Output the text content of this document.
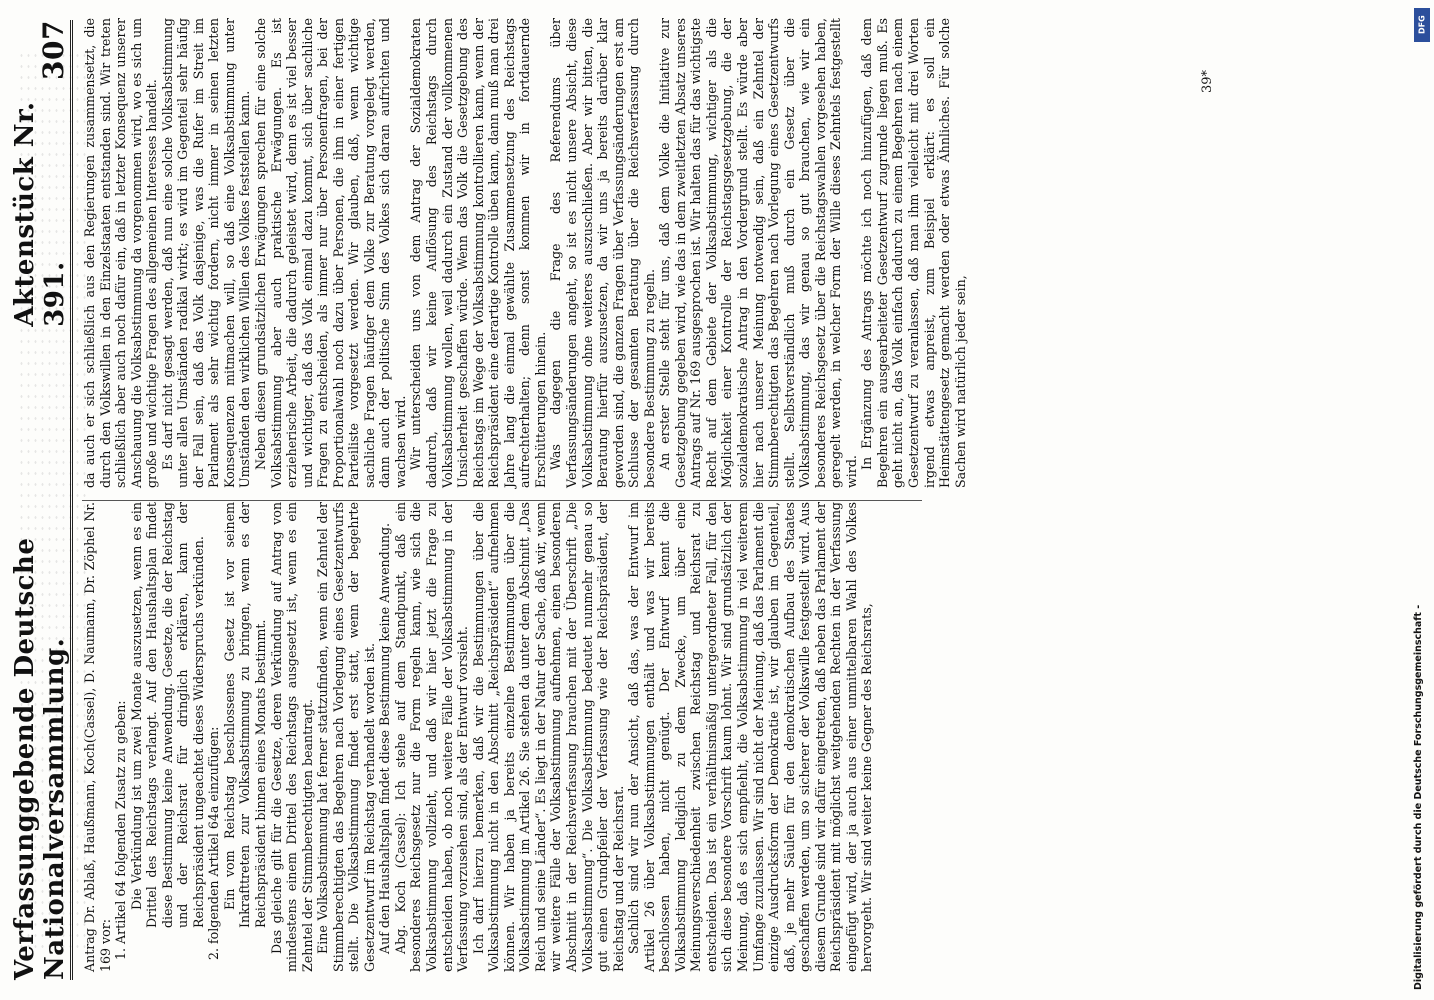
Verfassunggebende Deutsche Nationalversammlung.
Aktenstück Nr. 391.
307

Antrag Dr. Ablaß, Haußmann, Koch(Cassel), D. Naumann, Dr. Zöphel Nr. 169 vor: 1. Artikel 64 folgenden Zusatz zu geben: Die Verkündung ist um zwei Monate auszusetzen, wenn es ein Drittel des Reichstags verlangt. Auf den Haushaltsplan findet diese Bestimmung keine Anwendung. Gesetze, die der Reichstag und der Reichsrat für dringlich erklären, kann der Reichspräsident ungeachtet dieses Widerspruchs verkünden. 2. folgenden Artikel 64a einzufügen: Ein vom Reichstag beschlossenes Gesetz ist vor seinem Inkrafttreten zur Volksabstimmung zu bringen, wenn es der Reichspräsident binnen eines Monats bestimmt. Das gleiche gilt für die Gesetze, deren Verkündung auf Antrag von mindestens einem Drittel des Reichstags ausgesetzt ist, wenn es ein Zehntel der Stimmberechtigten beantragt. Eine Volksabstimmung hat ferner stattzufinden, wenn ein Zehntel der Stimmberechtigten das Begehren nach Vorlegung eines Gesetzentwurfs stellt. Die Volksabstimmung findet erst statt, wenn der begehrte Gesetzentwurf im Reichstag verhandelt worden ist. Auf den Haushaltsplan findet diese Bestimmung keine Anwendung. Abg. Koch (Cassel): Ich stehe auf dem Standpunkt, daß ein besonderes Reichsgesetz nur die Form regeln kann, wie sich die Volksabstimmung vollzieht, und daß wir hier jetzt die Frage zu entscheiden haben, ob noch weitere Fälle der Volksabstimmung in der Verfassung vorzusehen sind, als der Entwurf vorsieht. Ich darf hierzu bemerken, daß wir die Bestimmungen über die Volksabstimmung nicht in den Abschnitt „Reichspräsident“ aufnehmen können. Wir haben ja bereits einzelne Bestimmungen über die Volksabstimmung im Artikel 26. Sie stehen da unter dem Abschnitt „Das Reich und seine Länder“. Es liegt in der Natur der Sache, daß wir, wenn wir weitere Fälle der Volksabstimmung aufnehmen, einen besonderen Abschnitt in der Reichsverfassung brauchen mit der Überschrift „Die Volksabstimmung“. Die Volksabstimmung bedeutet nunmehr genau so gut einen Grundpfeiler der Verfassung wie der Reichspräsident, der Reichstag und der Reichsrat. Sachlich sind wir nun der Ansicht, daß das, was der Entwurf im Artikel 26 über Volksabstimmungen enthält und was wir bereits beschlossen haben, nicht genügt. Der Entwurf kennt die Volksabstimmung lediglich zu dem Zwecke, um über eine Meinungsverschiedenheit zwischen Reichstag und Reichsrat zu entscheiden. Das ist ein verhältnismäßig untergeordneter Fall, für den sich diese besondere Vorschrift kaum lohnt. Wir sind grundsätzlich der Meinung, daß es sich empfiehlt, die Volksabstimmung in viel weiterem Umfange zuzulassen. Wir sind nicht der Meinung, daß das Parlament die einzige Ausdrucksform der Demokratie ist, wir glauben im Gegenteil, daß, je mehr Säulen für den demokratischen Aufbau des Staates geschaffen werden, um so sicherer der Volkswille festgestellt wird. Aus diesem Grunde sind wir dafür eingetreten, daß neben das Parlament der Reichspräsident mit möglichst weitgehenden Rechten in der Verfassung eingefügt wird, der ja auch aus einer unmittelbaren Wahl des Volkes hervorgeht. Wir sind weiter keine Gegner des Reichsrats,

da auch er sich schließlich aus den Regierungen zusammensetzt, die durch den Volkswillen in den Einzelstaaten entstanden sind. Wir treten schließlich aber auch noch dafür ein, daß in letzter Konsequenz unserer Anschauung die Volksabstimmung da vorgenommen wird, wo es sich um große und wichtige Fragen des allgemeinen Interesses handelt. Es darf nicht gesagt werden, daß nun eine solche Volksabstimmung unter allen Umständen radikal wirkt; es wird im Gegenteil sehr häufig der Fall sein, daß das Volk dasjenige, was die Rufer im Streit im Parlament als sehr wichtig fordern, nicht immer in seinen letzten Konsequenzen mitmachen will, so daß eine Volksabstimmung unter Umständen den wirklichen Willen des Volkes feststellen kann. Neben diesen grundsätzlichen Erwägungen sprechen für eine solche Volksabstimmung aber auch praktische Erwägungen. Es ist erzieherische Arbeit, die dadurch geleistet wird, denn es ist viel besser und wichtiger, daß das Volk einmal dazu kommt, sich über sachliche Fragen zu entscheiden, als immer nur über Personenfragen, bei der Proportionalwahl noch dazu über Personen, die ihm in einer fertigen Parteiliste vorgesetzt werden. Wir glauben, daß, wenn wichtige sachliche Fragen häufiger dem Volke zur Beratung vorgelegt werden, dann auch der politische Sinn des Volkes sich daran aufrichten und wachsen wird. Wir unterscheiden uns von dem Antrag der Sozialdemokraten dadurch, daß wir keine Auflösung des Reichstags durch Volksabstimmung wollen, weil dadurch ein Zustand der vollkommenen Unsicherheit geschaffen würde. Wenn das Volk die Gesetzgebung des Reichstags im Wege der Volksabstimmung kontrollieren kann, wenn der Reichspräsident eine derartige Kontrolle üben kann, dann muß man drei Jahre lang die einmal gewählte Zusammensetzung des Reichstags aufrechterhalten; denn sonst kommen wir in fortdauernde Erschütterungen hinein. Was dagegen die Frage des Referendums über Verfassungsänderungen angeht, so ist es nicht unsere Absicht, diese Volksabstimmung ohne weiteres auszuschließen. Aber wir bitten, die Beratung hierfür auszusetzen, da wir uns ja bereits darüber klar geworden sind, die ganzen Fragen über Verfassungsänderungen erst am Schlusse der gesamten Beratung über die Reichsverfassung durch besondere Bestimmung zu regeln. An erster Stelle steht für uns, daß dem Volke die Initiative zur Gesetzgebung gegeben wird, wie das in dem zweitletzten Absatz unseres Antrags auf Nr. 169 ausgesprochen ist. Wir halten das für das wichtigste Recht auf dem Gebiete der Volksabstimmung, wichtiger als die Möglichkeit einer Kontrolle der Reichstagsgesetzgebung, die der sozialdemokratische Antrag in den Vordergrund stellt. Es würde aber hier nach unserer Meinung notwendig sein, daß ein Zehntel der Stimmberechtigten das Begehren nach Vorlegung eines Gesetzentwurfs stellt. Selbstverständlich muß durch ein Gesetz über die Volksabstimmung, das wir genau so gut brauchen, wie wir ein besonderes Reichsgesetz über die Reichstagswahlen vorgesehen haben, geregelt werden, in welcher Form der Wille dieses Zehntels festgestellt wird.

In Ergänzung des Antrags möchte ich noch hinzufügen, daß dem Begehren ein ausgearbeiteter Gesetzentwurf zugrunde liegen muß. Es geht nicht an, das Volk einfach dadurch zu einem Begehren nach einem Gesetzentwurf zu veranlassen, daß man ihm vielleicht mit drei Worten irgend etwas anpreist, zum Beispiel erklärt: es soll ein Heimstättengesetz gemacht werden oder etwas Ähnliches. Für solche Sachen wird natürlich jeder sein,

39*
Digitalisierung gefördert durch die Deutsche Forschungsgemeinschaft -
DFG
